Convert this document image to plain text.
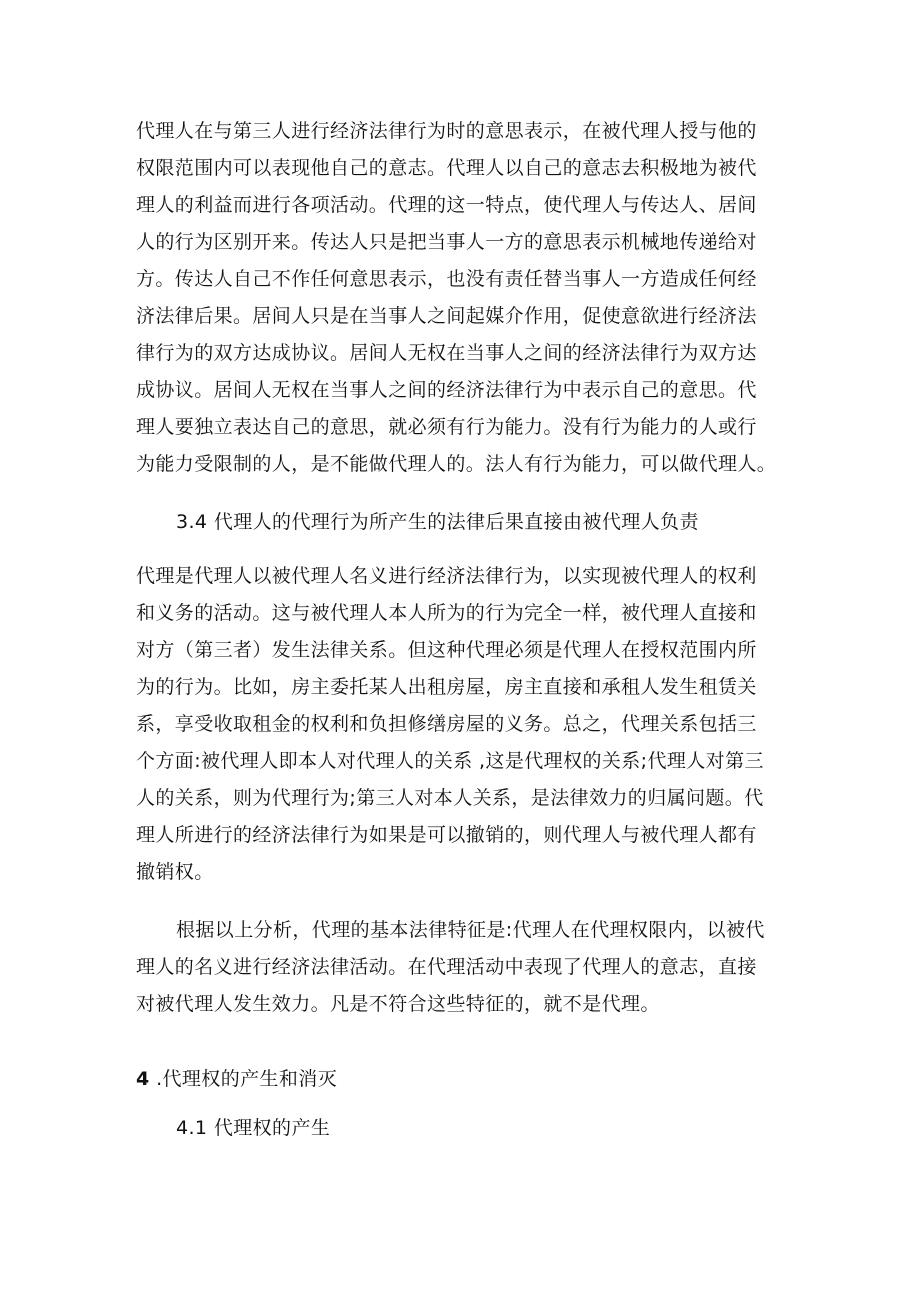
代理人在与第三人进行经济法律行为时的意思表示，在被代理人授与他的
权限范围内可以表现他自己的意志。代理人以自己的意志去积极地为被代
理人的利益而进行各项活动。代理的这一特点，使代理人与传达人、居间
人的行为区别开来。传达人只是把当事人一方的意思表示机械地传递给对
方。传达人自己不作任何意思表示，也没有责任替当事人一方造成任何经
济法律后果。居间人只是在当事人之间起媒介作用，促使意欲进行经济法
律行为的双方达成协议。居间人无权在当事人之间的经济法律行为双方达
成协议。居间人无权在当事人之间的经济法律行为中表示自己的意思。代
理人要独立表达自己的意思，就必须有行为能力。没有行为能力的人或行
为能力受限制的人，是不能做代理人的。法人有行为能力，可以做代理人。
3.4 代理人的代理行为所产生的法律后果直接由被代理人负责
代理是代理人以被代理人名义进行经济法律行为，以实现被代理人的权利
和义务的活动。这与被代理人本人所为的行为完全一样，被代理人直接和
对方（第三者）发生法律关系。但这种代理必须是代理人在授权范围内所
为的行为。比如，房主委托某人出租房屋，房主直接和承租人发生租赁关
系，享受收取租金的权利和负担修缮房屋的义务。总之，代理关系包括三
个方面:被代理人即本人对代理人的关系 ,这是代理权的关系;代理人对第三
人的关系，则为代理行为;第三人对本人关系，是法律效力的归属问题。代
理人所进行的经济法律行为如果是可以撤销的，则代理人与被代理人都有
撤销权。
根据以上分析，代理的基本法律特征是:代理人在代理权限内，以被代
理人的名义进行经济法律活动。在代理活动中表现了代理人的意志，直接
对被代理人发生效力。凡是不符合这些特征的，就不是代理。
4 .代理权的产生和消灭
4.1 代理权的产生
